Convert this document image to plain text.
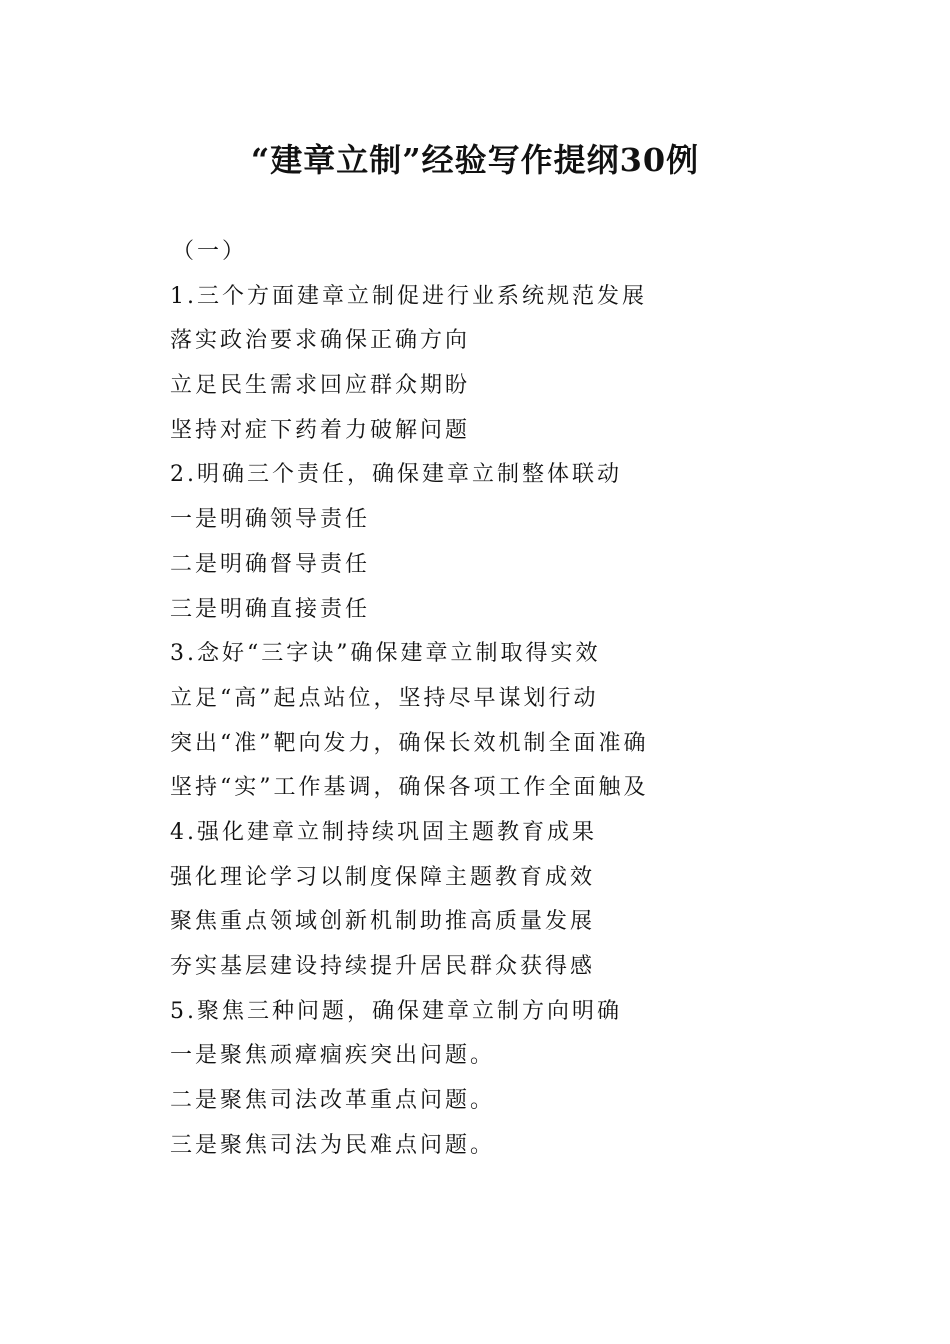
“建章立制”经验写作提纲30例
（一）
1.三个方面建章立制促进行业系统规范发展
落实政治要求确保正确方向
立足民生需求回应群众期盼
坚持对症下药着力破解问题
2.明确三个责任，确保建章立制整体联动
一是明确领导责任
二是明确督导责任
三是明确直接责任
3.念好“三字诀”确保建章立制取得实效
立足“高”起点站位，坚持尽早谋划行动
突出“准”靶向发力，确保长效机制全面准确
坚持“实”工作基调，确保各项工作全面触及
4.强化建章立制持续巩固主题教育成果
强化理论学习以制度保障主题教育成效
聚焦重点领域创新机制助推高质量发展
夯实基层建设持续提升居民群众获得感
5.聚焦三种问题，确保建章立制方向明确
一是聚焦顽瘴痼疾突出问题。
二是聚焦司法改革重点问题。
三是聚焦司法为民难点问题。
